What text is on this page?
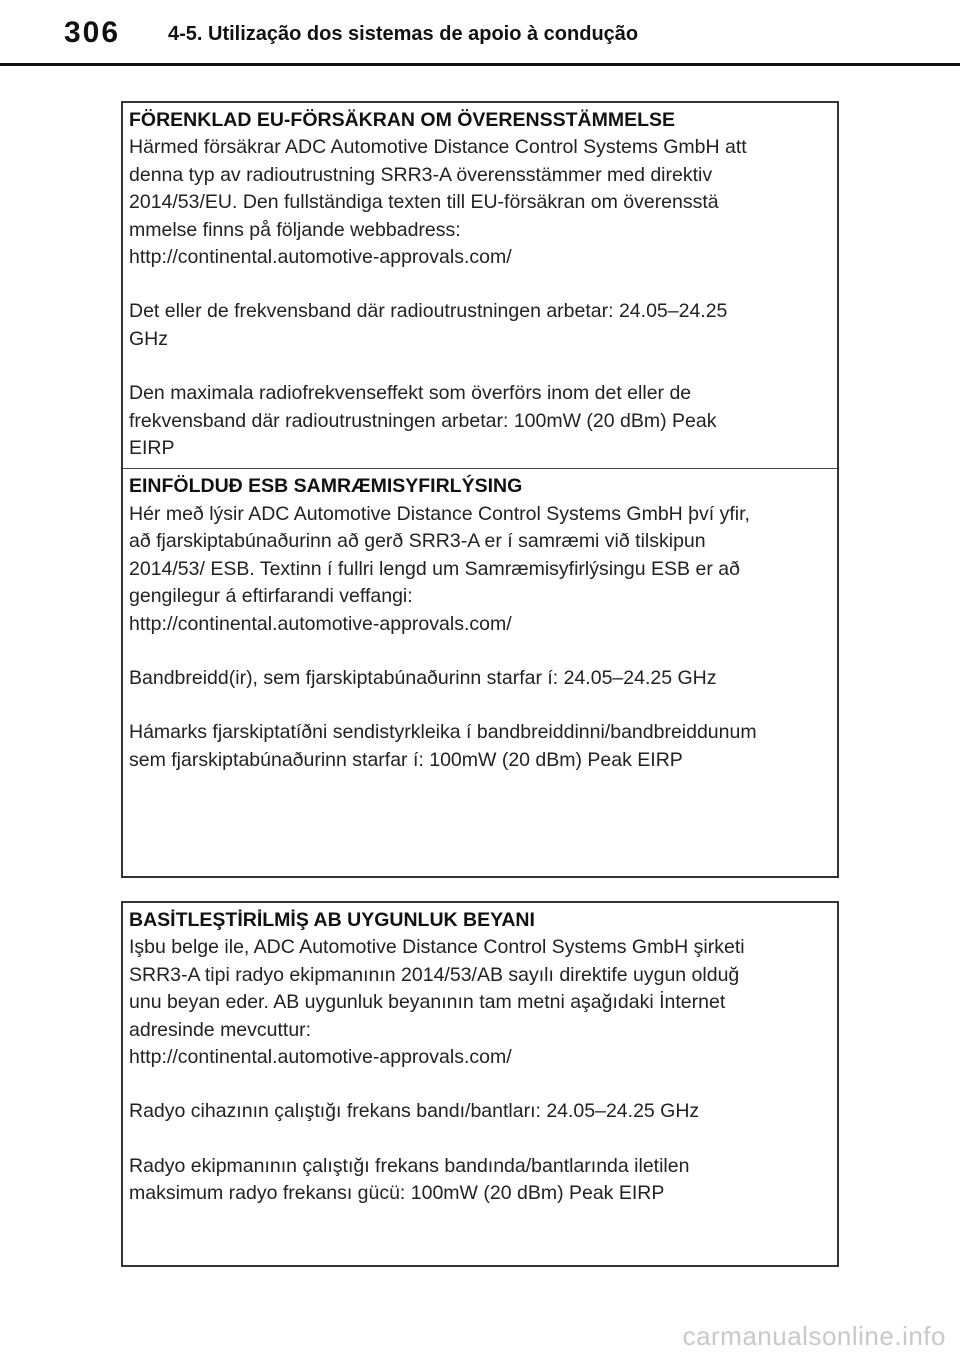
306 4-5. Utilização dos sistemas de apoio à condução
FÖRENKLAD EU-FÖRSÄKRAN OM ÖVERENSSTÄMMELSE

Härmed försäkrar ADC Automotive Distance Control Systems GmbH att

denna typ av radioutrustning SRR3-A överensstämmer med direktiv

2014/53/EU. Den fullständiga texten till EU-försäkran om överensstä

mmelse finns på följande webbadress:

http://continental.automotive-approvals.com/

Det eller de frekvensband där radioutrustningen arbetar: 24.05–24.25

GHz

Den maximala radiofrekvenseffekt som överförs inom det eller de

frekvensband där radioutrustningen arbetar: 100mW (20 dBm) Peak

EIRP

EINFÖLDUÐ ESB SAMRÆMISYFIRLÝSING

Hér með lýsir ADC Automotive Distance Control Systems GmbH því yfir,

að fjarskiptabúnaðurinn að gerð SRR3-A er í samræmi við tilskipun

2014/53/ ESB. Textinn í fullri lengd um Samræmisyfirlýsingu ESB er að

gengilegur á eftirfarandi veffangi:

http://continental.automotive-approvals.com/

Bandbreidd(ir), sem fjarskiptabúnaðurinn starfar í: 24.05–24.25 GHz

Hámarks fjarskiptatíðni sendistyrkleika í bandbreiddinni/bandbreiddunum

sem fjarskiptabúnaðurinn starfar í: 100mW (20 dBm) Peak EIRP

BASİTLEŞTİRİLMİŞ AB UYGUNLUK BEYANI

Işbu belge ile, ADC Automotive Distance Control Systems GmbH şirketi

SRR3-A tipi radyo ekipmanının 2014/53/AB sayılı direktife uygun olduğ

unu beyan eder. AB uygunluk beyanının tam metni aşağıdaki İnternet

adresinde mevcuttur:

http://continental.automotive-approvals.com/

Radyo cihazının çalıştığı frekans bandı/bantları: 24.05–24.25 GHz

Radyo ekipmanının çalıştığı frekans bandında/bantlarında iletilen

maksimum radyo frekansı gücü: 100mW (20 dBm) Peak EIRP

carmanualsonline.info
